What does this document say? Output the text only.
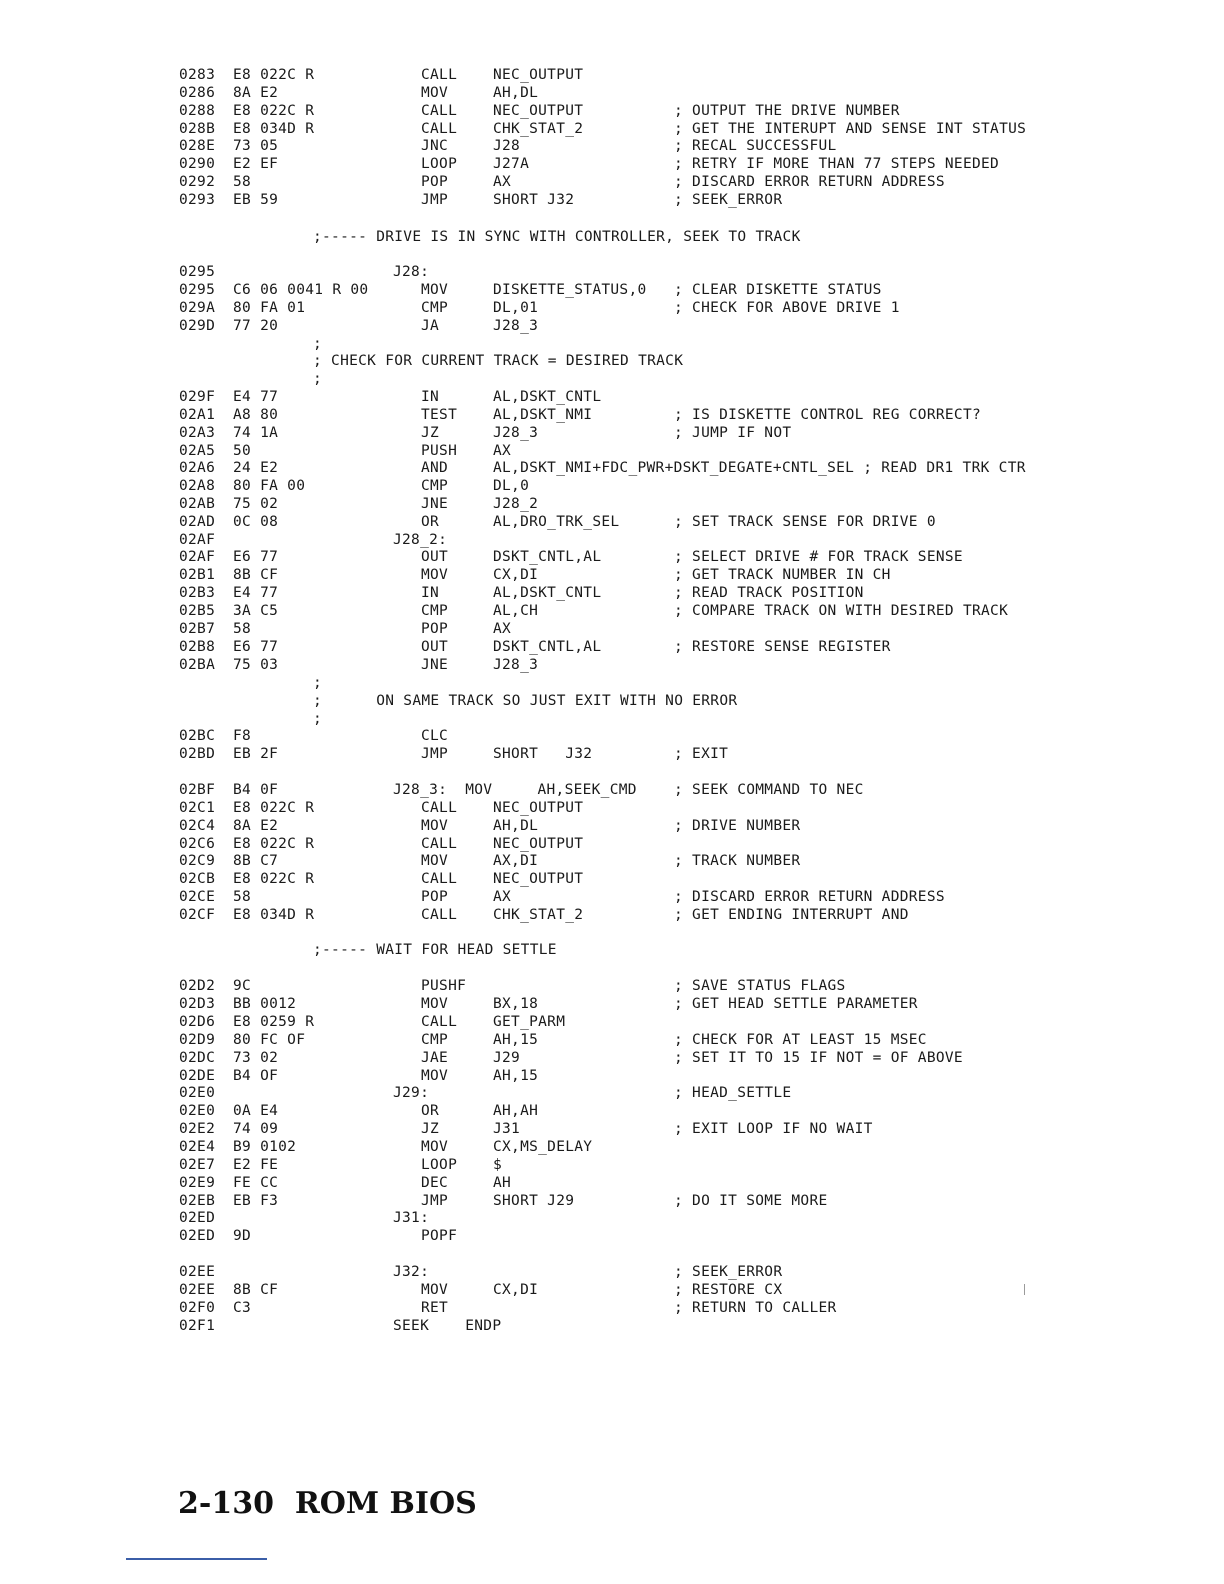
0283 E8 022C R	CALL NEC_OUTPUT
0286 8A E2	MOV	AH,DL
0288 E8 022C R	CALL NEC_OUTPUT	; OUTPUT THE DRIVE NUMBER
028B E8 034D R	CALL CHK_STAT_2	; GET THE INTERUPT AND SENSE INT STATUS
028E 73 05	JNC	J28	; RECAL SUCCESSFUL
0290 E2 EF	LOOP J27A	; RETRY IF MORE THAN 77 STEPS NEEDED
0292 58	POP	AX	; DISCARD ERROR RETURN ADDRESS
0293 EB 59	JMP	SHORT J32	; SEEK_ERROR
;----- DRIVE IS IN SYNC WITH CONTROLLER, SEEK TO TRACK
0295	J28:
0295 C6 06 0041 R 00	MOV	DISKETTE_STATUS,0 ; CLEAR DISKETTE STATUS
029A 80 FA 01	CMP	DL,01	; CHECK FOR ABOVE DRIVE 1
029D 77 20	JA	J28_3
;
; CHECK FOR CURRENT TRACK = DESIRED TRACK
;
029F E4 77	IN	AL,DSKT_CNTL
02A1 A8 80	TEST AL,DSKT_NMI	; IS DISKETTE CONTROL REG CORRECT?
02A3 74 1A	JZ	J28_3	; JUMP IF NOT
02A5 50	PUSH AX
02A6 24 E2	AND	AL,DSKT_NMI+FDC_PWR+DSKT_DEGATE+CNTL_SEL ; READ DR1 TRK CTR
02A8 80 FA 00	CMP	DL,0
02AB 75 02	JNE	J28_2
02AD 0C 08	OR	AL,DRO_TRK_SEL	; SET TRACK SENSE FOR DRIVE 0
02AF	J28_2:
02AF E6 77	OUT	DSKT_CNTL,AL	; SELECT DRIVE # FOR TRACK SENSE
02B1 8B CF	MOV	CX,DI	; GET TRACK NUMBER IN CH
02B3 E4 77	IN	AL,DSKT_CNTL	; READ TRACK POSITION
02B5 3A C5	CMP	AL,CH	; COMPARE TRACK ON WITH DESIRED TRACK
02B7 58	POP	AX
02B8 E6 77	OUT	DSKT_CNTL,AL	; RESTORE SENSE REGISTER
02BA 75 03	JNE	J28_3
;
;      ON SAME TRACK SO JUST EXIT WITH NO ERROR
;
02BC F8	CLC
02BD EB 2F	JMP	SHORT   J32	; EXIT
02BF B4 0F	J28_3:  MOV     AH,SEEK_CMD	; SEEK COMMAND TO NEC
02C1 E8 022C R	CALL NEC_OUTPUT
02C4 8A E2	MOV	AH,DL	; DRIVE NUMBER
02C6 E8 022C R	CALL NEC_OUTPUT
02C9 8B C7	MOV	AX,DI	; TRACK NUMBER
02CB E8 022C R	CALL NEC_OUTPUT
02CE 58	POP	AX	; DISCARD ERROR RETURN ADDRESS
02CF E8 034D R	CALL CHK_STAT_2	; GET ENDING INTERRUPT AND
;----- WAIT FOR HEAD SETTLE
02D2 9C	PUSHF	; SAVE STATUS FLAGS
02D3 BB 0012	MOV	BX,18	; GET HEAD SETTLE PARAMETER
02D6 E8 0259 R	CALL GET_PARM
02D9 80 FC OF	CMP	AH,15	; CHECK FOR AT LEAST 15 MSEC
02DC 73 02	JAE	J29	; SET IT TO 15 IF NOT = OF ABOVE
02DE B4 OF	MOV	AH,15
02E0	J29:	; HEAD_SETTLE
02E0 0A E4	OR	AH,AH
02E2 74 09	JZ	J31	; EXIT LOOP IF NO WAIT
02E4 B9 0102	MOV	CX,MS_DELAY
02E7 E2 FE	LOOP $
02E9 FE CC	DEC	AH
02EB EB F3	JMP	SHORT J29	; DO IT SOME MORE
02ED	J31:
02ED 9D	POPF
02EE	J32:	; SEEK_ERROR
02EE 8B CF	MOV	CX,DI	; RESTORE CX
02F0 C3	RET	; RETURN TO CALLER
02F1	SEEK    ENDP
2-130  ROM BIOS
